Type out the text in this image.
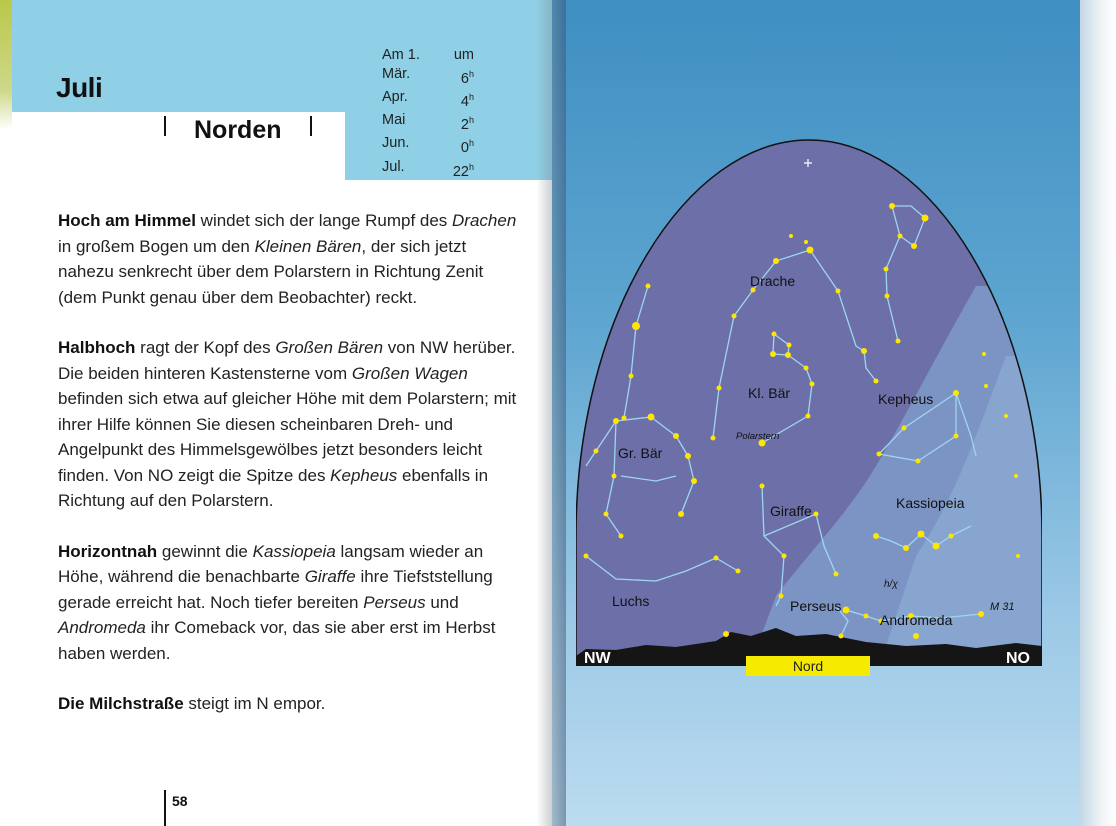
Juli
Norden
Am 1. um
Mär.	6$^h$
Apr.	4$^h$
Mai	2$^h$
Jun.	0$^h$
Jul.	22$^h$

Hoch am Himmel windet sich der lange Rumpf des Drachen in großem Bogen um den Kleinen Bären, der sich jetzt nahezu senkrecht über dem Polarstern in Richtung Zenit (dem Punkt genau über dem Beobachter) reckt.

Halbhoch ragt der Kopf des Großen Bären von NW herüber. Die beiden hinteren Kastensterne vom Großen Wagen befinden sich etwa auf gleicher Höhe mit dem Polarstern; mit ihrer Hilfe können Sie diesen scheinbaren Dreh- und Angelpunkt des Himmelsgewölbes jetzt besonders leicht finden. Von NO zeigt die Spitze des Kepheus ebenfalls in Richtung auf den Polarstern.

Horizontnah gewinnt die Kassiopeia langsam wieder an Höhe, während die benachbarte Giraffe ihre Tiefststellung gerade erreicht hat. Noch tiefer bereiten Perseus und Andromeda ihr Comeback vor, das sie aber erst im Herbst haben werden.

Die Milchstraße steigt im N empor.

58
Drache
Kl. Bär
Polarstern
Kepheus
Gr. Bär
Giraffe	Kassiopeia
Luchs	Perseus
Andromeda
h/χ
M 31
NW	Nord	NO
